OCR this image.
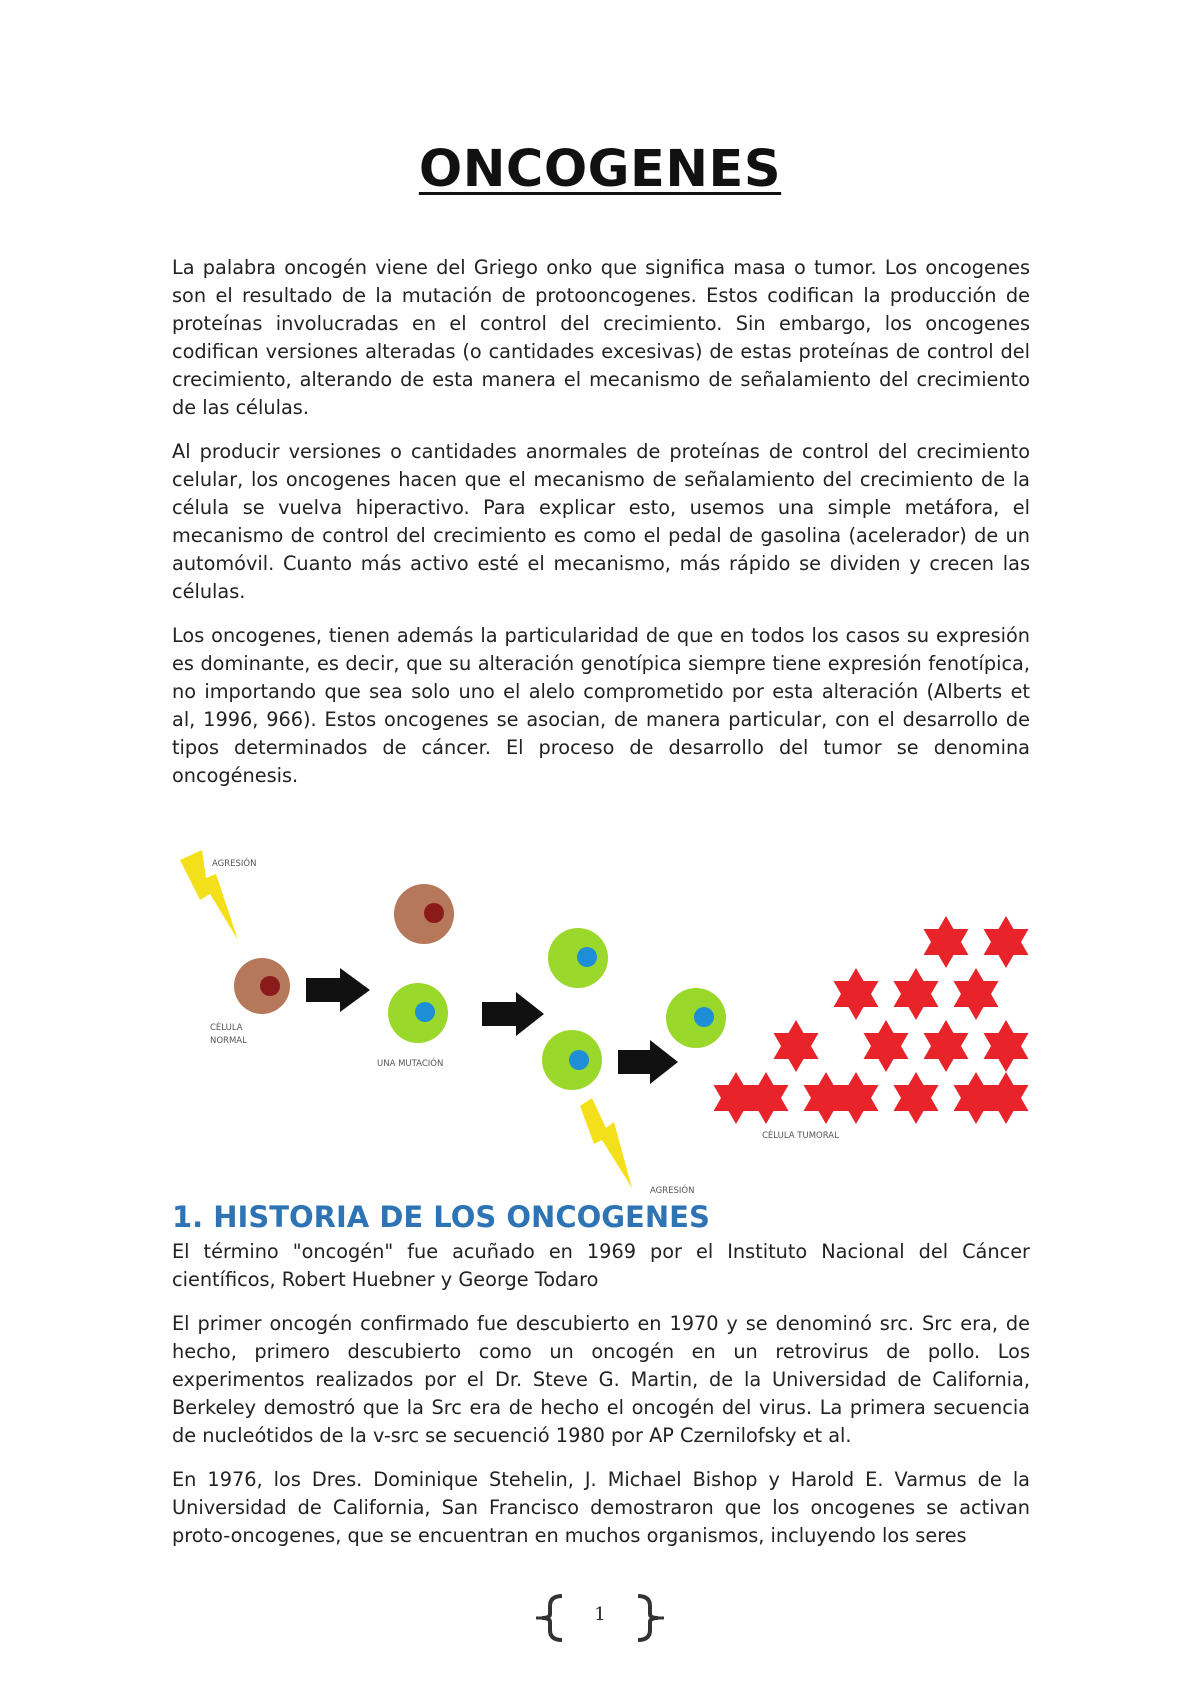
ONCOGENES

La palabra oncogén viene del Griego onko que significa masa o tumor. Los oncogenes son el resultado de la mutación de protooncogenes. Estos codifican la producción de proteínas involucradas en el control del crecimiento. Sin embargo, los oncogenes codifican versiones alteradas (o cantidades excesivas) de estas proteínas de control del crecimiento, alterando de esta manera el mecanismo de señalamiento del crecimiento de las células.

Al producir versiones o cantidades anormales de proteínas de control del crecimiento celular, los oncogenes hacen que el mecanismo de señalamiento del crecimiento de la célula se vuelva hiperactivo. Para explicar esto, usemos una simple metáfora, el mecanismo de control del crecimiento es como el pedal de gasolina (acelerador) de un automóvil. Cuanto más activo esté el mecanismo, más rápido se dividen y crecen las células.

Los oncogenes, tienen además la particularidad de que en todos los casos su expresión es dominante, es decir, que su alteración genotípica siempre tiene expresión fenotípica, no importando que sea solo uno el alelo comprometido por esta alteración (Alberts et al, 1996, 966). Estos oncogenes se asocian, de manera particular, con el desarrollo de tipos determinados de cáncer. El proceso de desarrollo del tumor se denomina oncogénesis.

AGRESIÓN
CÉLULA
NORMAL
UNA MUTACIÓN
AGRESIÓN
CÉLULA TUMORAL
1. HISTORIA DE LOS ONCOGENES

El término "oncogén" fue acuñado en 1969 por el Instituto Nacional del Cáncer científicos, Robert Huebner y George Todaro

El primer oncogén confirmado fue descubierto en 1970 y se denominó src. Src era, de hecho, primero descubierto como un oncogén en un retrovirus de pollo. Los experimentos realizados por el Dr. Steve G. Martin, de la Universidad de California, Berkeley demostró que la Src era de hecho el oncogén del virus. La primera secuencia de nucleótidos de la v-src se secuenció 1980 por AP Czernilofsky et al.

En 1976, los Dres. Dominique Stehelin, J. Michael Bishop y Harold E. Varmus de la Universidad de California, San Francisco demostraron que los oncogenes se activan proto-oncogenes, que se encuentran en muchos organismos, incluyendo los seres

1
